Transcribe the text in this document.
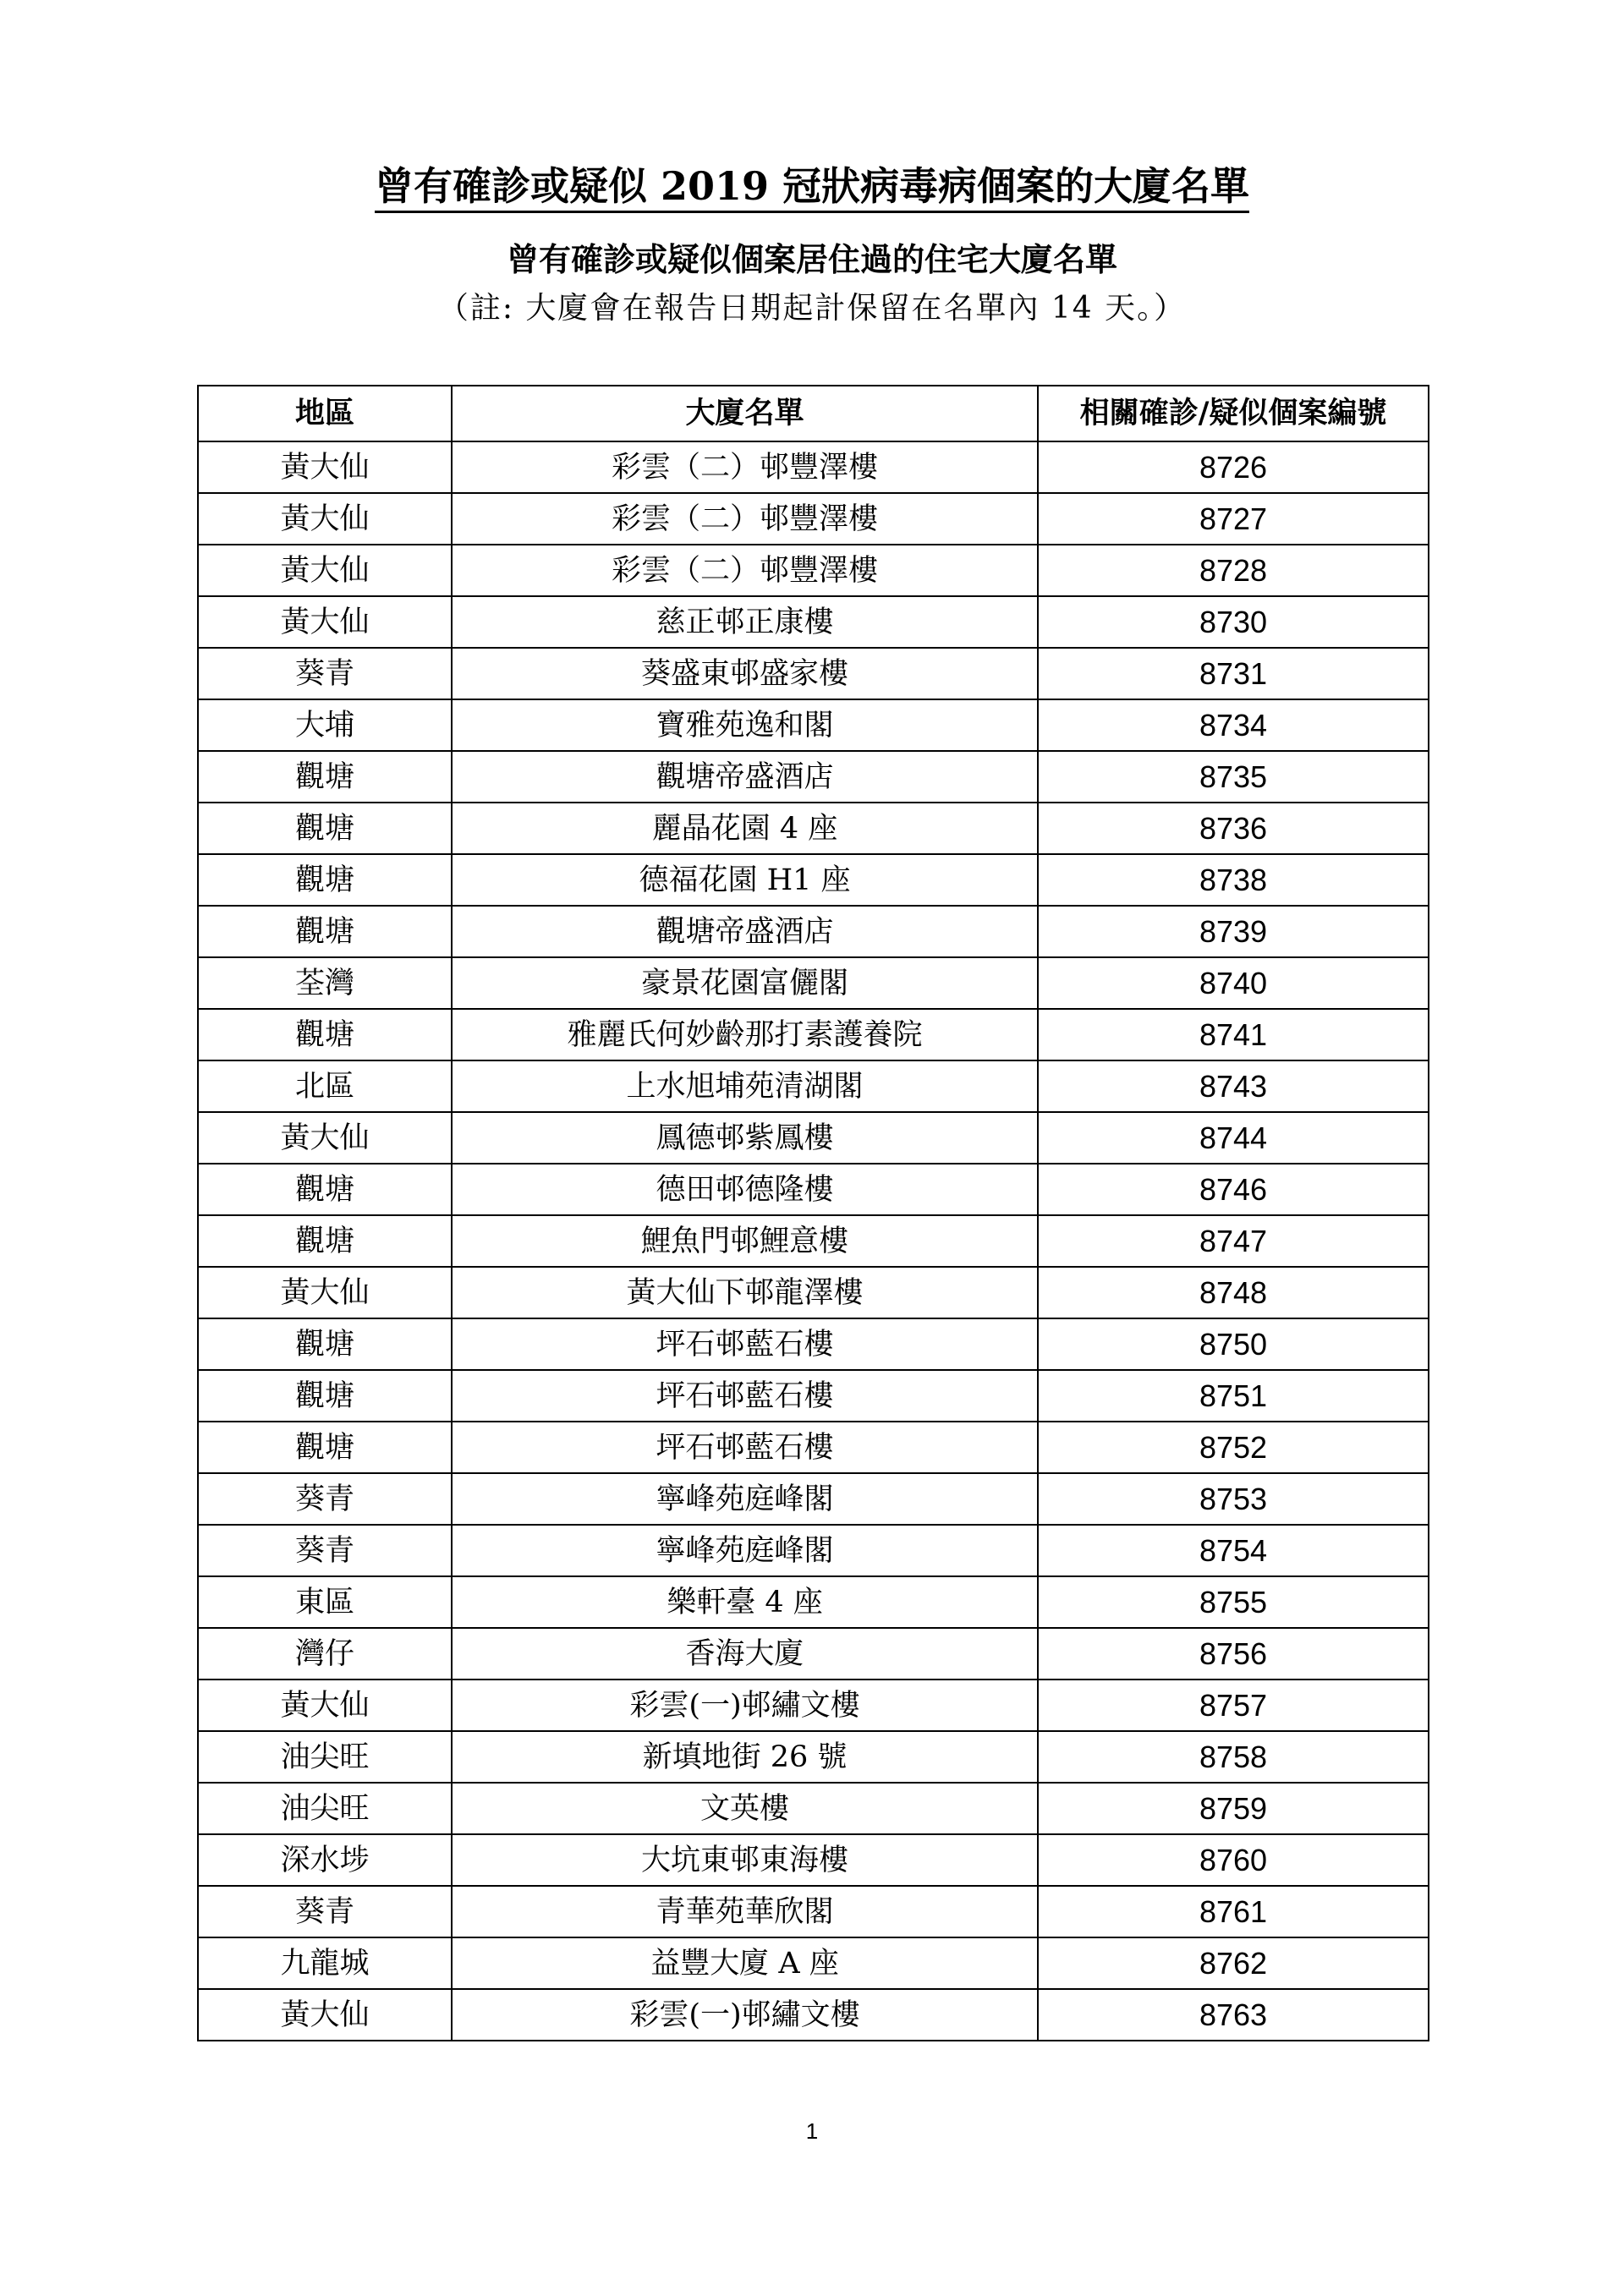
曾有確診或疑似 2019 冠狀病毒病個案的大廈名單
曾有確診或疑似個案居住過的住宅大廈名單
（註: 大廈會在報告日期起計保留在名單內 14 天。）
地區	大廈名單	相關確診/疑似個案編號
黃大仙	彩雲（二）邨豐澤樓	8726
黃大仙	彩雲（二）邨豐澤樓	8727
黃大仙	彩雲（二）邨豐澤樓	8728
黃大仙	慈正邨正康樓	8730
葵青	葵盛東邨盛家樓	8731
大埔	寶雅苑逸和閣	8734
觀塘	觀塘帝盛酒店	8735
觀塘	麗晶花園 4 座	8736
觀塘	德福花園 H1 座	8738
觀塘	觀塘帝盛酒店	8739
荃灣	豪景花園富儷閣	8740
觀塘	雅麗氏何妙齡那打素護養院	8741
北區	上水旭埔苑清湖閣	8743
黃大仙	鳳德邨紫鳳樓	8744
觀塘	德田邨德隆樓	8746
觀塘	鯉魚門邨鯉意樓	8747
黃大仙	黃大仙下邨龍澤樓	8748
觀塘	坪石邨藍石樓	8750
觀塘	坪石邨藍石樓	8751
觀塘	坪石邨藍石樓	8752
葵青	寧峰苑庭峰閣	8753
葵青	寧峰苑庭峰閣	8754
東區	樂軒臺 4 座	8755
灣仔	香海大廈	8756
黃大仙	彩雲(一)邨繡文樓	8757
油尖旺	新填地街 26 號	8758
油尖旺	文英樓	8759
深水埗	大坑東邨東海樓	8760
葵青	青華苑華欣閣	8761
九龍城	益豐大廈 A 座	8762
黃大仙	彩雲(一)邨繡文樓	8763
1
